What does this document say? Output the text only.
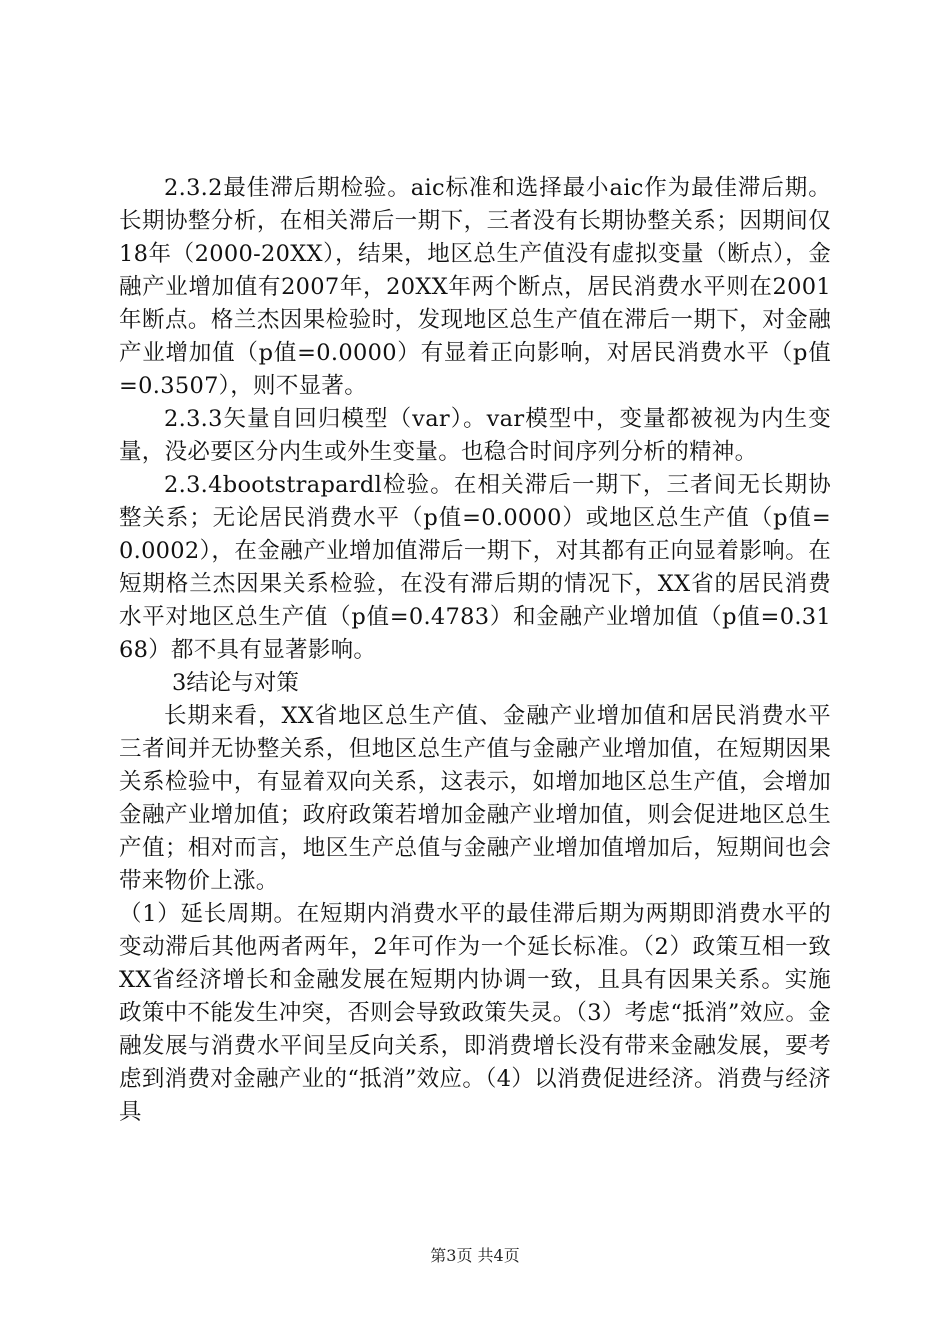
2.3.2最佳滞后期检验。aic标准和选择最小aic作为最佳滞后期。长期协整分析，在相关滞后一期下，三者没有长期协整关系；因期间仅18年（2000-20XX），结果，地区总生产值没有虚拟变量（断点），金融产业增加值有2007年，20XX年两个断点，居民消费水平则在2001年断点。格兰杰因果检验时，发现地区总生产值在滞后一期下，对金融产业增加值（p值=0.0000）有显着正向影响，对居民消费水平（p值=0.3507），则不显著。

2.3.3矢量自回归模型（var）。var模型中，变量都被视为内生变量，没必要区分内生或外生变量。也稳合时间序列分析的精神。

2.3.4bootstrapardl检验。在相关滞后一期下，三者间无长期协整关系；无论居民消费水平（p值=0.0000）或地区总生产值（p值=0.0002），在金融产业增加值滞后一期下，对其都有正向显着影响。在短期格兰杰因果关系检验，在没有滞后期的情况下，XX省的居民消费水平对地区总生产值（p值=0.4783）和金融产业增加值（p值=0.3168）都不具有显著影响。

3结论与对策

长期来看，XX省地区总生产值、金融产业增加值和居民消费水平三者间并无协整关系，但地区总生产值与金融产业增加值，在短期因果关系检验中，有显着双向关系，这表示，如增加地区总生产值，会增加金融产业增加值；政府政策若增加金融产业增加值，则会促进地区总生产值；相对而言，地区生产总值与金融产业增加值增加后，短期间也会带来物价上涨。

（1）延长周期。在短期内消费水平的最佳滞后期为两期即消费水平的变动滞后其他两者两年，2年可作为一个延长标准。（2）政策互相一致XX省经济增长和金融发展在短期内协调一致，且具有因果关系。实施政策中不能发生冲突，否则会导致政策失灵。（3）考虑“抵消”效应。金融发展与消费水平间呈反向关系，即消费增长没有带来金融发展，要考虑到消费对金融产业的“抵消”效应。（4）以消费促进经济。消费与经济具

第3页 共4页
